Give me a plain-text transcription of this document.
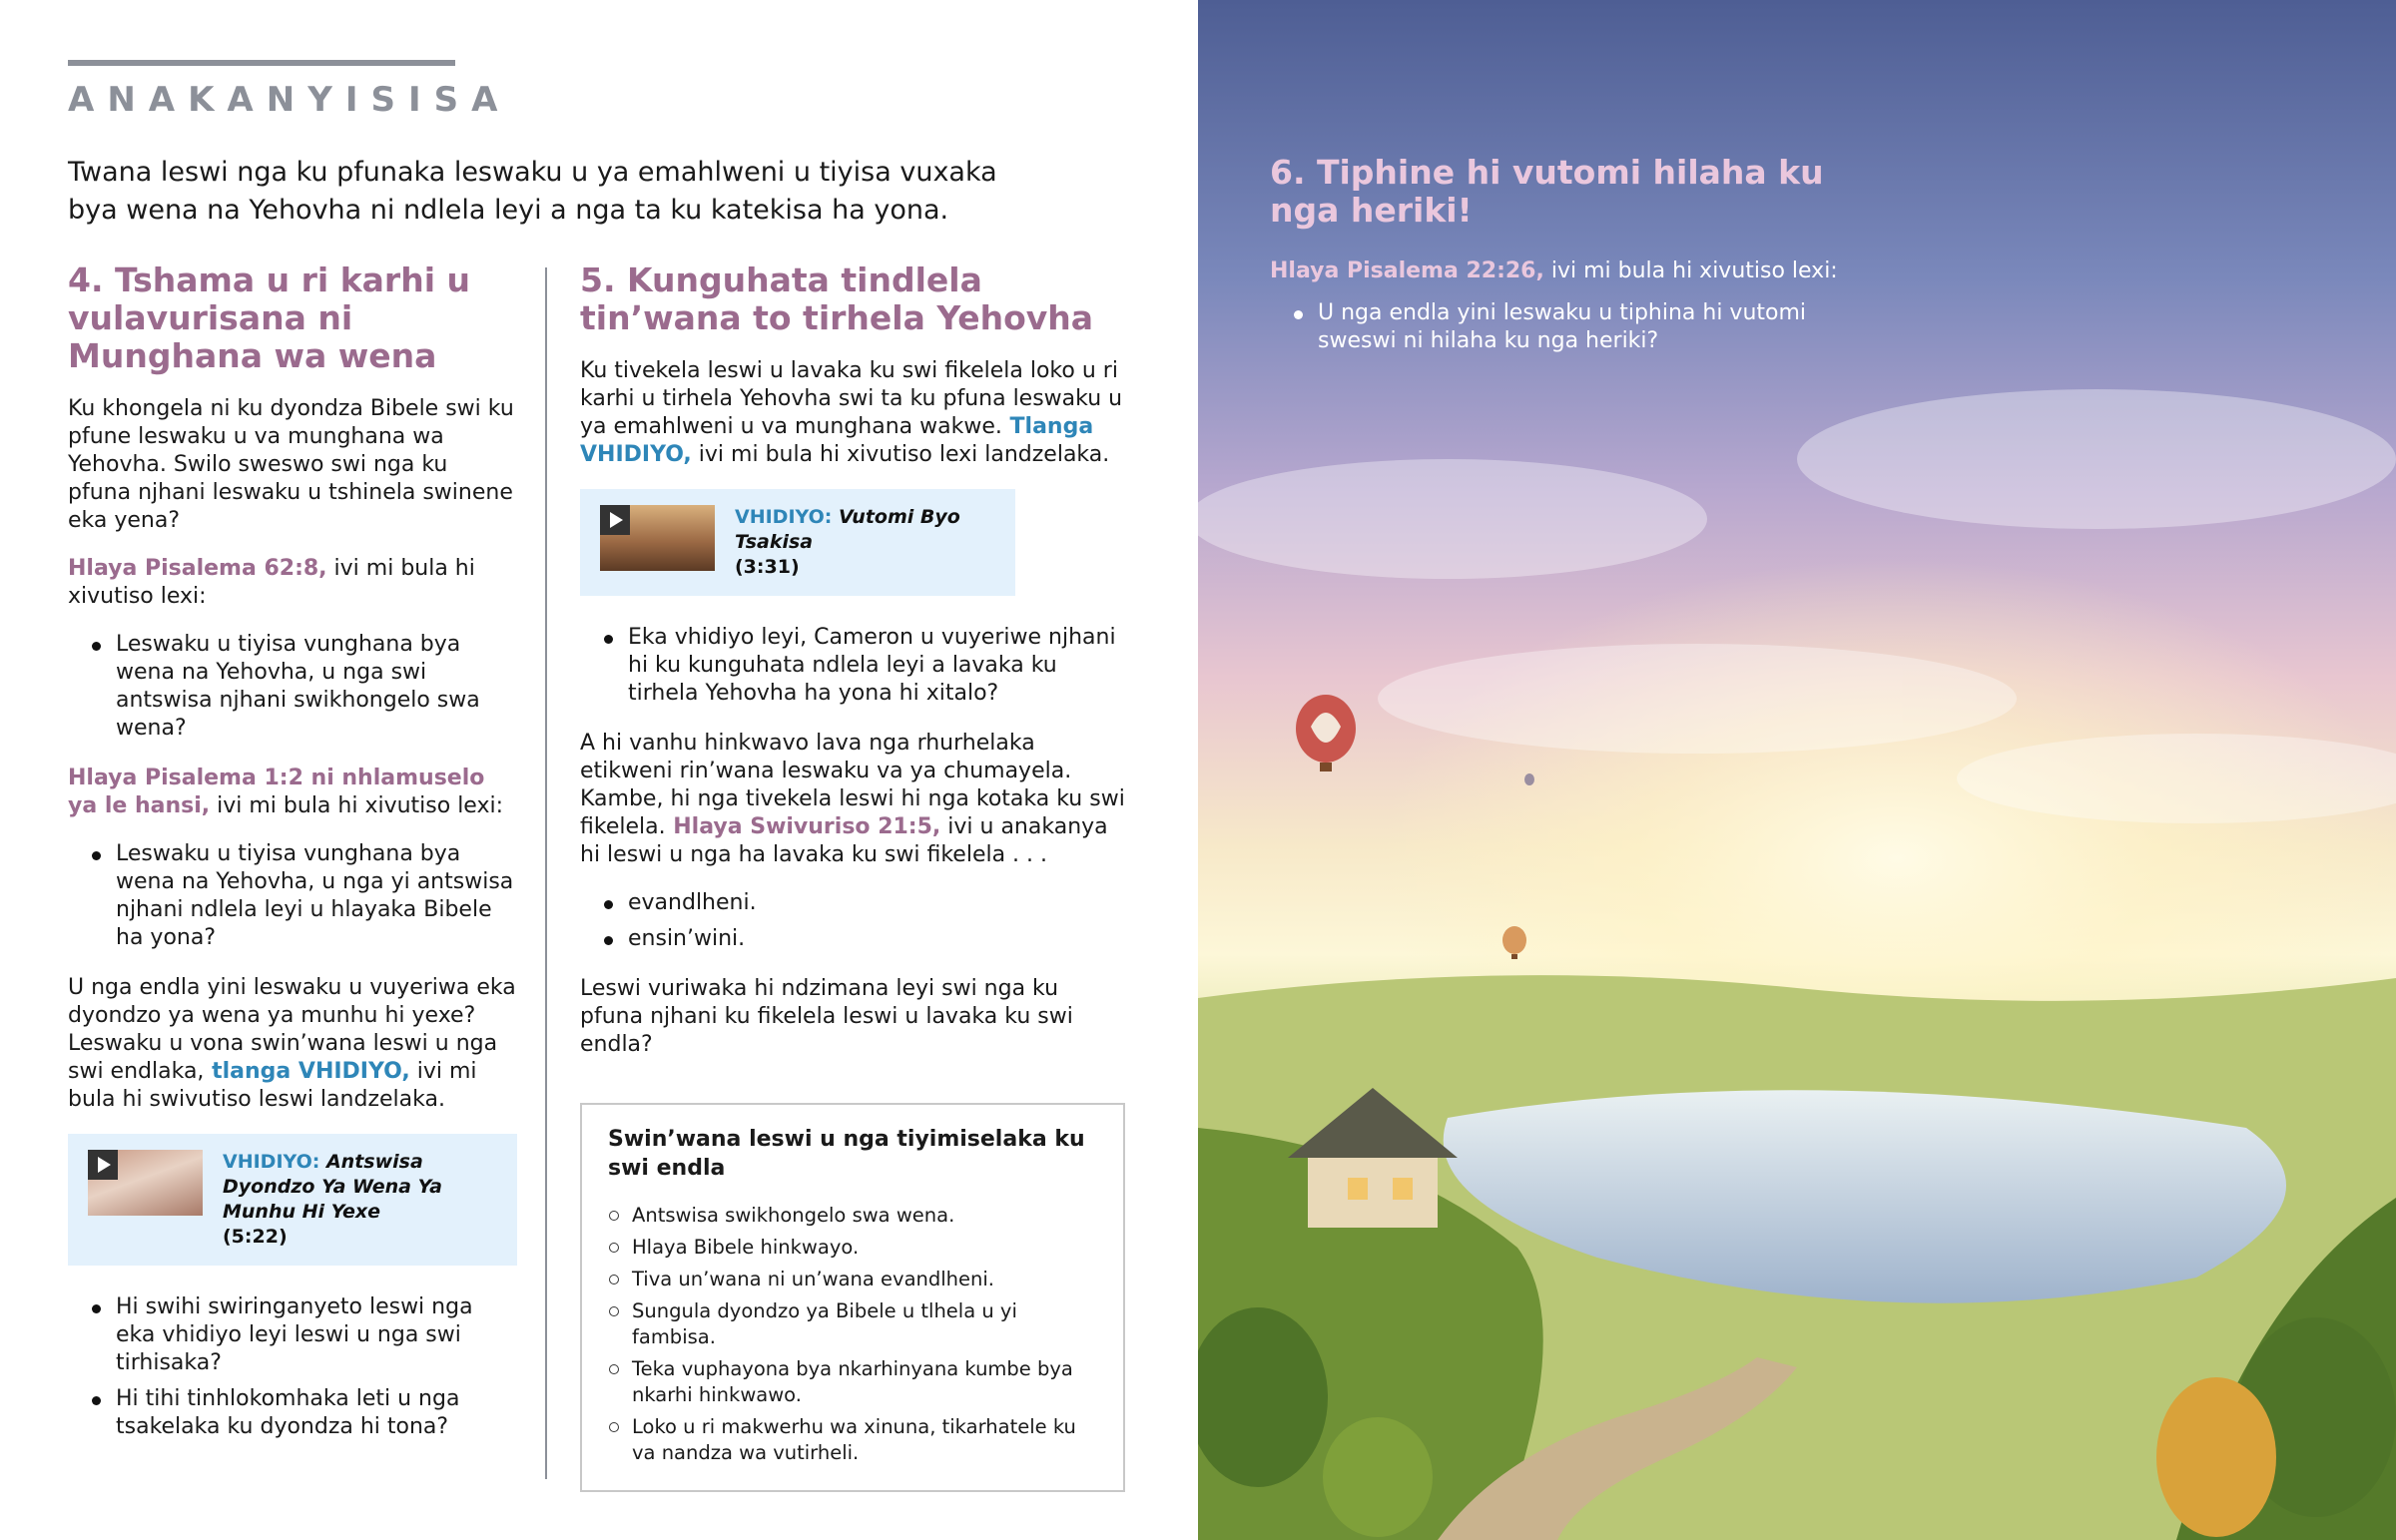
ANAKANYISISA
Twana leswi nga ku pfunaka leswaku u ya emahlweni u tiyisa vuxaka bya wena na Yehovha ni ndlela leyi a nga ta ku katekisa ha yona.
4. Tshama u ri karhi u vulavurisana ni Munghana wa wena

Ku khongela ni ku dyondza Bibele swi ku pfune leswaku u va munghana wa Yehovha. Swilo sweswo swi nga ku pfuna njhani leswaku u tshinela swinene eka yena?

Hlaya Pisalema 62:8, ivi mi bula hi xivutiso lexi:

Leswaku u tiyisa vunghana bya wena na Yehovha, u nga swi antswisa njhani swikhongelo swa wena?

Hlaya Pisalema 1:2 ni nhlamuselo ya le hansi, ivi mi bula hi xivutiso lexi:

Leswaku u tiyisa vunghana bya wena na Yehovha, u nga yi antswisa njhani ndlela leyi u hlayaka Bibele ha yona?

U nga endla yini leswaku u vuyeriwa eka dyondzo ya wena ya munhu hi yexe? Leswaku u vona swin’wana leswi u nga swi endlaka, tlanga VHIDIYO, ivi mi bula hi swivutiso leswi landzelaka.

VHIDIYO: Antswisa Dyondzo Ya Wena Ya Munhu Hi Yexe
(5:22)
Hi swihi swiringanyeto leswi nga eka vhidiyo leyi leswi u nga swi tirhisaka?
Hi tihi tinhlokomhaka leti u nga tsakelaka ku dyondza hi tona?
5. Kunguhata tindlela tin’wana to tirhela Yehovha

Ku tivekela leswi u lavaka ku swi fikelela loko u ri karhi u tirhela Yehovha swi ta ku pfuna leswaku u ya emahlweni u va munghana wakwe. Tlanga VHIDIYO, ivi mi bula hi xivutiso lexi landzelaka.

VHIDIYO: Vutomi Byo Tsakisa
(3:31)
Eka vhidiyo leyi, Cameron u vuyeriwe njhani hi ku kunguhata ndlela leyi a lavaka ku tirhela Yehovha ha yona hi xitalo?

A hi vanhu hinkwavo lava nga rhurhelaka etikweni rin’wana leswaku va ya chumayela. Kambe, hi nga tivekela leswi hi nga kotaka ku swi fikelela. Hlaya Swivuriso 21:5, ivi u anakanya hi leswi u nga ha lavaka ku swi fikelela . . .

evandlheni.
ensin’wini.

Leswi vuriwaka hi ndzimana leyi swi nga ku pfuna njhani ku fikelela leswi u lavaka ku swi endla?

Swin’wana leswi u nga tiyimiselaka ku swi endla
Antswisa swikhongelo swa wena.
Hlaya Bibele hinkwayo.
Tiva un’wana ni un’wana evandlheni.
Sungula dyondzo ya Bibele u tlhela u yi fambisa.
Teka vuphayona bya nkarhinyana kumbe bya nkarhi hinkwawo.
Loko u ri makwerhu wa xinuna, tikarhatele ku va nandza wa vutirheli.
6. Tiphine hi vutomi hilaha ku nga heriki!

Hlaya Pisalema 22:26, ivi mi bula hi xivutiso lexi:

U nga endla yini leswaku u tiphina hi vutomi sweswi ni hilaha ku nga heriki?
